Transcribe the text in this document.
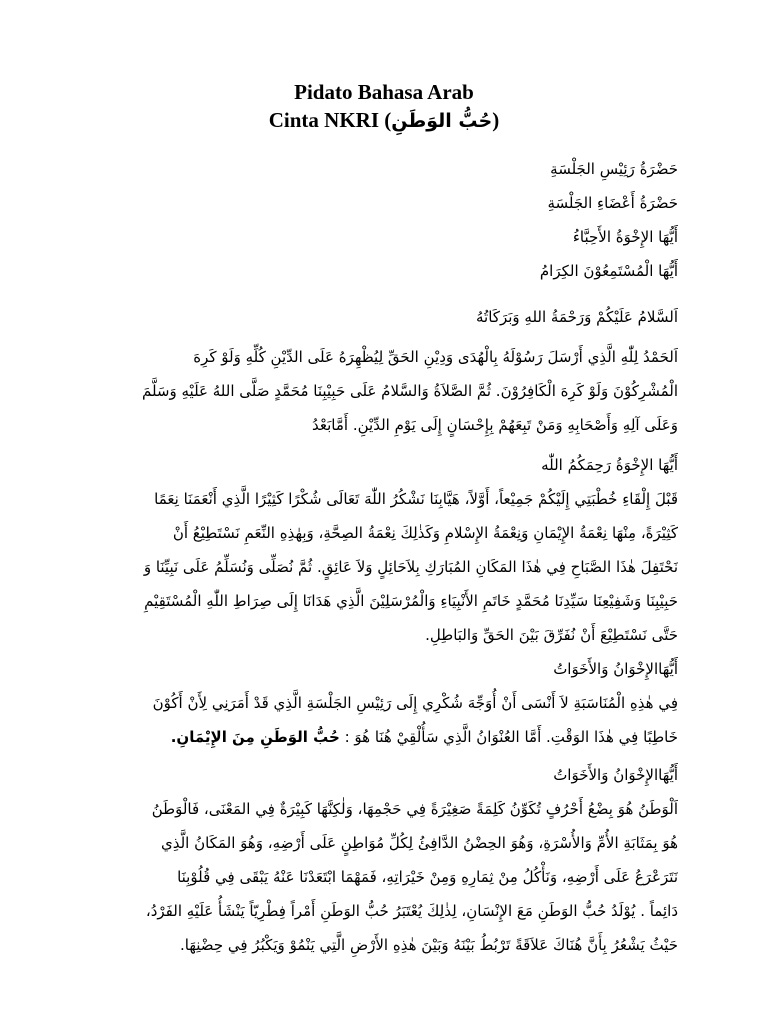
Pidato Bahasa Arab
Cinta NKRI (حُبُّ الوَطَنِ)
حَضْرَةُ رَئِيْسِ الجَلْسَةِ
حَضْرَةُ أَعْضَاءِ الجَلْسَةِ
أَيُّهَا الإِخْوَةُ الأَحِبَّاءُ
أَيُّهَا الْمُسْتَمِعُوْنَ الكِرَامُ
اَلسَّلامُ عَلَيْكُمْ وَرَحْمَةُ اللهِ وَبَرَكَاتُهُ
اَلحَمْدُ لِلّٰهِ الَّذِي أَرْسَلَ رَسُوْلَهُ بِالْهُدَى وَدِيْنِ الحَقِّ لِيُظْهِرَهُ عَلَى الدِّيْنِ كُلِّهِ وَلَوْ كَرِهَ
الْمُشْرِكُوْنَ وَلَوْ كَرِهَ الْكَافِرُوْنَ. ثُمَّ الصَّلاَةُ وَالسَّلامُ عَلَى حَبِيْبِنَا مُحَمَّدٍ صَلَّى اللهُ عَلَيْهِ وَسَلَّمَ
وَعَلَى آلِهِ وَأَصْحَابِهِ وَمَنْ تَبِعَهُمْ بِإِحْسَانٍ إِلَى يَوْمِ الدِّيْنِ. أَمَّابَعْدُ
أَيُّهَا الإِخْوَةُ رَحِمَكُمُ اللّٰه
قَبْلَ إِلْقَاءِ خُطْبَتِي إِلَيْكُمْ جَمِيْعاً، أَوَّلاً، هَيَّابِنَا نَشْكُرُ اللّٰهَ تَعَالَى شُكْرًا كَثِيْرًا الَّذِي أَنْعَمَنَا نِعَمًا
كَثِيْرَةً، مِنْهَا نِعْمَةُ الإِيْمَانِ وَنِعْمَةُ الإِسْلامِ وَكَذٰلِكَ نِعْمَةُ الصِحَّةِ، وَبِهٰذِهِ النِّعَمِ نَسْتَطِيْعُ أَنْ
نَحْتَفِلَ هٰذَا الصَّبَاحِ فِي هٰذَا المَكَانِ المُبَارَكِ بِلاَحَائِلٍ وَلاَ عَائِقٍ. ثُمَّ نُصَلِّى وَنُسَلِّمُ عَلَى نَبِيِّنَا وَ
حَبِيْبِنَا وَشَفِيْعِنَا سَيِّدِنَا مُحَمَّدٍ خَاتَمِ الأَنْبِيَاءِ وَالْمُرْسَلِيْنَ الَّذِي هَدَانَا إِلَى صِرَاطِ اللّٰهِ الْمُسْتَقِيْمِ
حَتَّى نَسْتَطِيْعَ أَنْ نُفَرِّقَ بَيْنَ الحَقِّ وَالبَاطِلِ.
أَيُّهَاالإِخْوَانُ وَالأَخَوَاتُ
فِي هٰذِهِ الْمُنَاسَبَةِ لاَ أَنْسَى أَنْ أُوَجِّهَ شُكْرِي إِلَى رَئِيْسِ الجَلْسَةِ الَّذِي قَدْ أَمَرَنِي لِأَنْ أَكُوْنَ
خَاطِبًا فِي هٰذَا الوَقْتِ. أَمَّا العُنْوَانُ الَّذِي سَأُلْقِيْ هُنَا هُوَ : حُبُّ الوَطَنِ مِنَ الإِيْمَانِ.
أَيُّهَاالإِخْوَانُ وَالأَخَوَاتُ
اَلْوَطَنُ هُوَ بِضْعُ أَحْرُفٍ تُكَوِّنُ كَلِمَةً صَغِيْرَةً فِي حَجْمِهَا، وَلٰكِنَّهَا كَبِيْرَةٌ فِي المَعْنَى، فَالْوَطَنُ
هُوَ بِمَثَابَةِ الأُمِّ وَالأُسْرَةِ، وَهُوَ الحِضْنُ الدَّافِئُ لِكُلِّ مُوَاطِنٍ عَلَى أَرْضِهِ، وَهُوَ المَكَانُ الَّذِي
نَتَرَعْرَعُ عَلَى أَرْضِهِ، وَنَأْكُلُ مِنْ ثِمَارِهِ وَمِنْ خَيْرَاتِهِ، فَمَهْمَا ابْتَعَدْنَا عَنْهُ يَبْقَى فِي قُلُوْبِنَا
دَائِماً . يُوْلَدُ حُبُّ الوَطَنِ مَعَ الإِنْسَانِ، لِذٰلِكَ يُعْتَبَرُ حُبُّ الوَطَنِ أَمْراً فِطْرِيّاً يَنْشَأُ عَلَيْهِ الفَرْدُ،
حَيْثُ يَشْعُرُ بِأَنَّ هُنَاكَ عَلاَقَةً تَرْبُطُ بَيْنَهُ وَبَيْنَ هٰذِهِ الأَرْضِ الَّتِي يَنْمُوْ وَيَكْبُرُ فِي حِضْنِهَا.
